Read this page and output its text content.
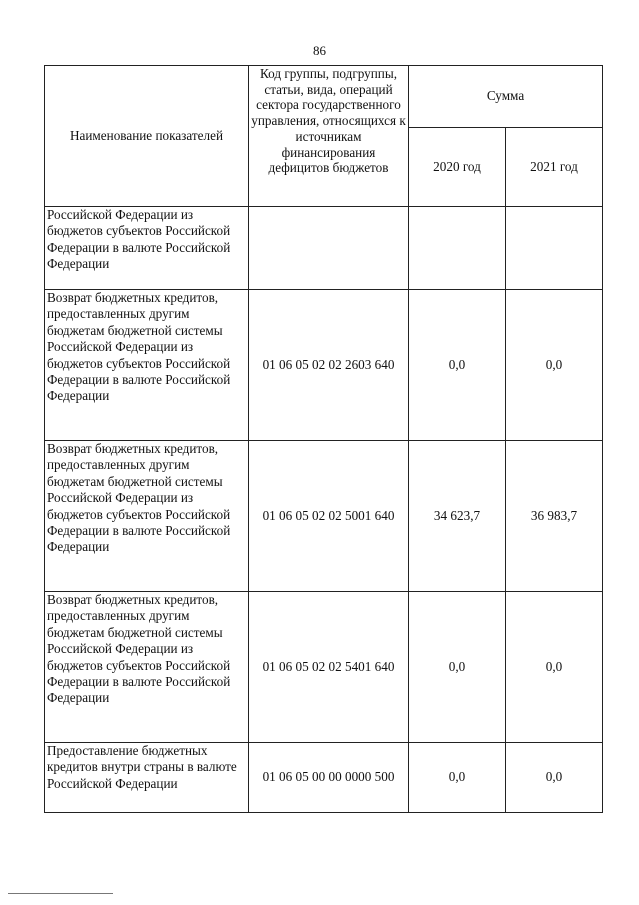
86
Наименование показателей	Код группы, подгруппы, статьи, вида, операций сектора государственного управления, относящихся к источникам финансирования дефицитов бюджетов	Сумма	
		2020 год	2021 год
Российской Федерации из бюджетов субъектов Российской Федерации в валюте Российской Федерации			
Возврат бюджетных кредитов, предоставленных другим бюджетам бюджетной системы Российской Федерации из бюджетов субъектов Российской Федерации в валюте Российской Федерации	01 06 05 02 02 2603 640	0,0	0,0
Возврат бюджетных кредитов, предоставленных другим бюджетам бюджетной системы Российской Федерации из бюджетов субъектов Российской Федерации в валюте Российской Федерации	01 06 05 02 02 5001 640	34 623,7	36 983,7
Возврат бюджетных кредитов, предоставленных другим бюджетам бюджетной системы Российской Федерации из бюджетов субъектов Российской Федерации в валюте Российской Федерации	01 06 05 02 02 5401 640	0,0	0,0
Предоставление бюджетных кредитов внутри страны в валюте Российской Федерации	01 06 05 00 00 0000 500	0,0	0,0
